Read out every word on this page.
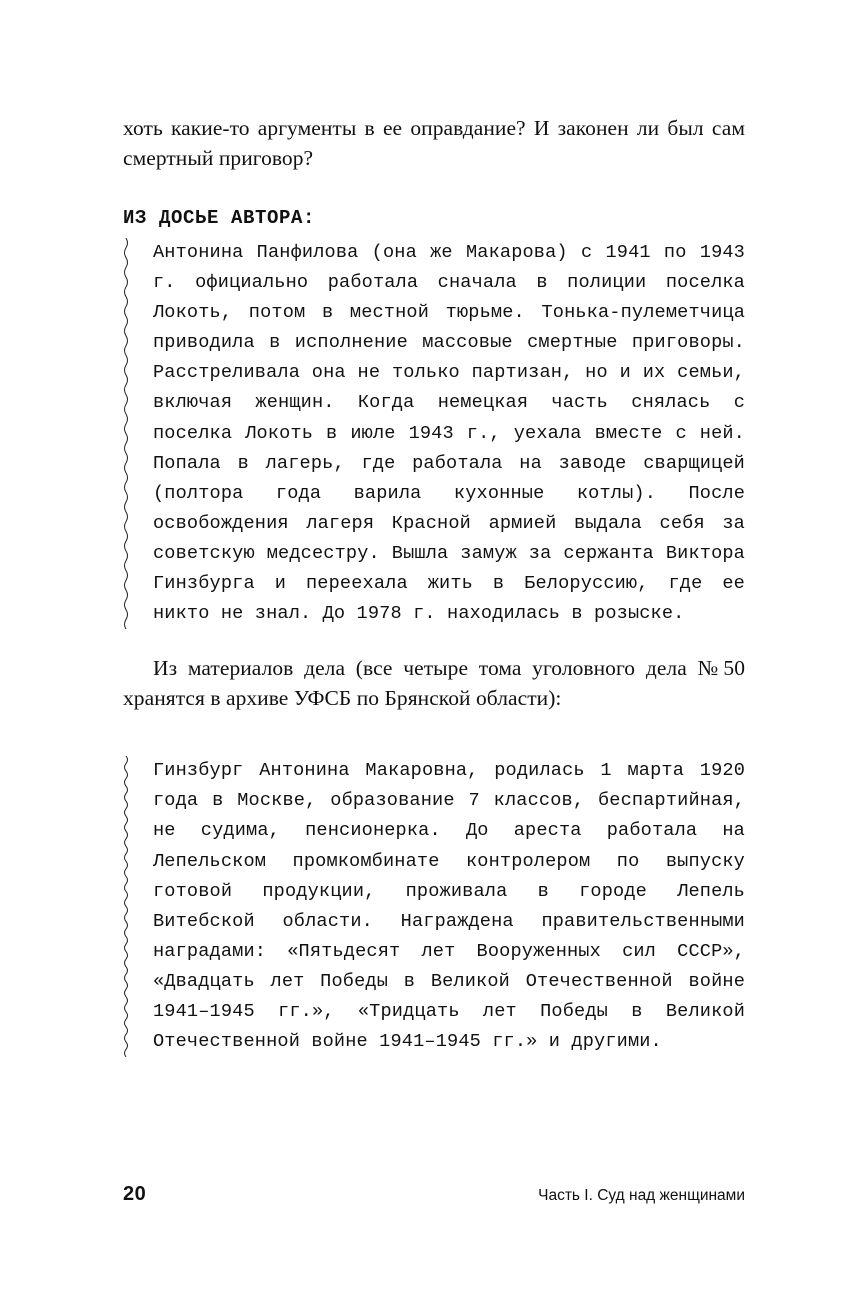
хоть какие-то аргументы в ее оправдание? И законен ли был сам смертный приговор?

ИЗ ДОСЬЕ АВТОРА:

Антонина Панфилова (она же Макарова) с 1941 по 1943 г. официально работала сначала в полиции поселка Локоть, потом в местной тюрьме. Тонька-пулеметчица приводила в исполнение массовые смертные приговоры. Расстреливала она не только партизан, но и их семьи, включая женщин. Когда немецкая часть снялась с поселка Локоть в июле 1943 г., уехала вместе с ней. Попала в лагерь, где работала на заводе сварщицей (полтора года варила кухонные котлы). После освобождения лагеря Красной армией выдала себя за советскую медсестру. Вышла замуж за сержанта Виктора Гинзбурга и переехала жить в Белоруссию, где ее никто не знал. До 1978 г. находилась в розыске.

Из материалов дела (все четыре тома уголовного дела №50 хранятся в архиве УФСБ по Брянской области):

Гинзбург Антонина Макаровна, родилась 1 марта 1920 года в Москве, образование 7 классов, беспартийная, не судима, пенсионерка. До ареста работала на Лепельском промкомбинате контролером по выпуску готовой продукции, проживала в городе Лепель Витебской области. Награждена правительственными наградами: «Пятьдесят лет Вооруженных сил СССР», «Двадцать лет Победы в Великой Отечественной войне 1941–1945 гг.», «Тридцать лет Победы в Великой Отечественной войне 1941–1945 гг.» и другими.

20	Часть I. Суд над женщинами
